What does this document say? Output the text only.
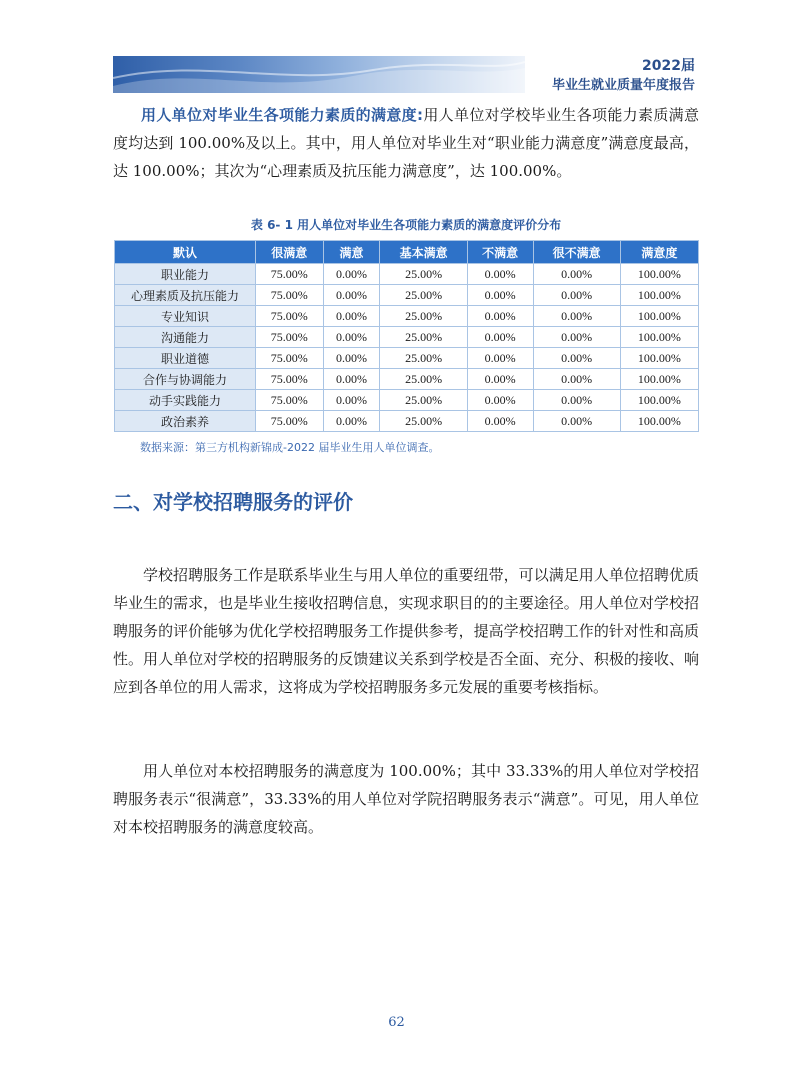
2022届
毕业生就业质量年度报告

用人单位对毕业生各项能力素质的满意度:用人单位对学校毕业生各项能力素质满意度均达到 100.00%及以上。其中，用人单位对毕业生对“职业能力满意度”满意度最高，达 100.00%；其次为“心理素质及抗压能力满意度”，达 100.00%。

表 6- 1 用人单位对毕业生各项能力素质的满意度评价分布
默认	很满意	满意	基本满意	不满意	很不满意	满意度
职业能力	75.00%	0.00%	25.00%	0.00%	0.00%	100.00%
心理素质及抗压能力	75.00%	0.00%	25.00%	0.00%	0.00%	100.00%
专业知识	75.00%	0.00%	25.00%	0.00%	0.00%	100.00%
沟通能力	75.00%	0.00%	25.00%	0.00%	0.00%	100.00%
职业道德	75.00%	0.00%	25.00%	0.00%	0.00%	100.00%
合作与协调能力	75.00%	0.00%	25.00%	0.00%	0.00%	100.00%
动手实践能力	75.00%	0.00%	25.00%	0.00%	0.00%	100.00%
政治素养	75.00%	0.00%	25.00%	0.00%	0.00%	100.00%
数据来源：第三方机构新锦成-2022 届毕业生用人单位调查。
二、对学校招聘服务的评价

学校招聘服务工作是联系毕业生与用人单位的重要纽带，可以满足用人单位招聘优质毕业生的需求，也是毕业生接收招聘信息，实现求职目的的主要途径。用人单位对学校招聘服务的评价能够为优化学校招聘服务工作提供参考，提高学校招聘工作的针对性和高质性。用人单位对学校的招聘服务的反馈建议关系到学校是否全面、充分、积极的接收、响应到各单位的用人需求，这将成为学校招聘服务多元发展的重要考核指标。

用人单位对本校招聘服务的满意度为 100.00%；其中 33.33%的用人单位对学校招聘服务表示“很满意”，33.33%的用人单位对学院招聘服务表示“满意”。可见，用人单位对本校招聘服务的满意度较高。

62
